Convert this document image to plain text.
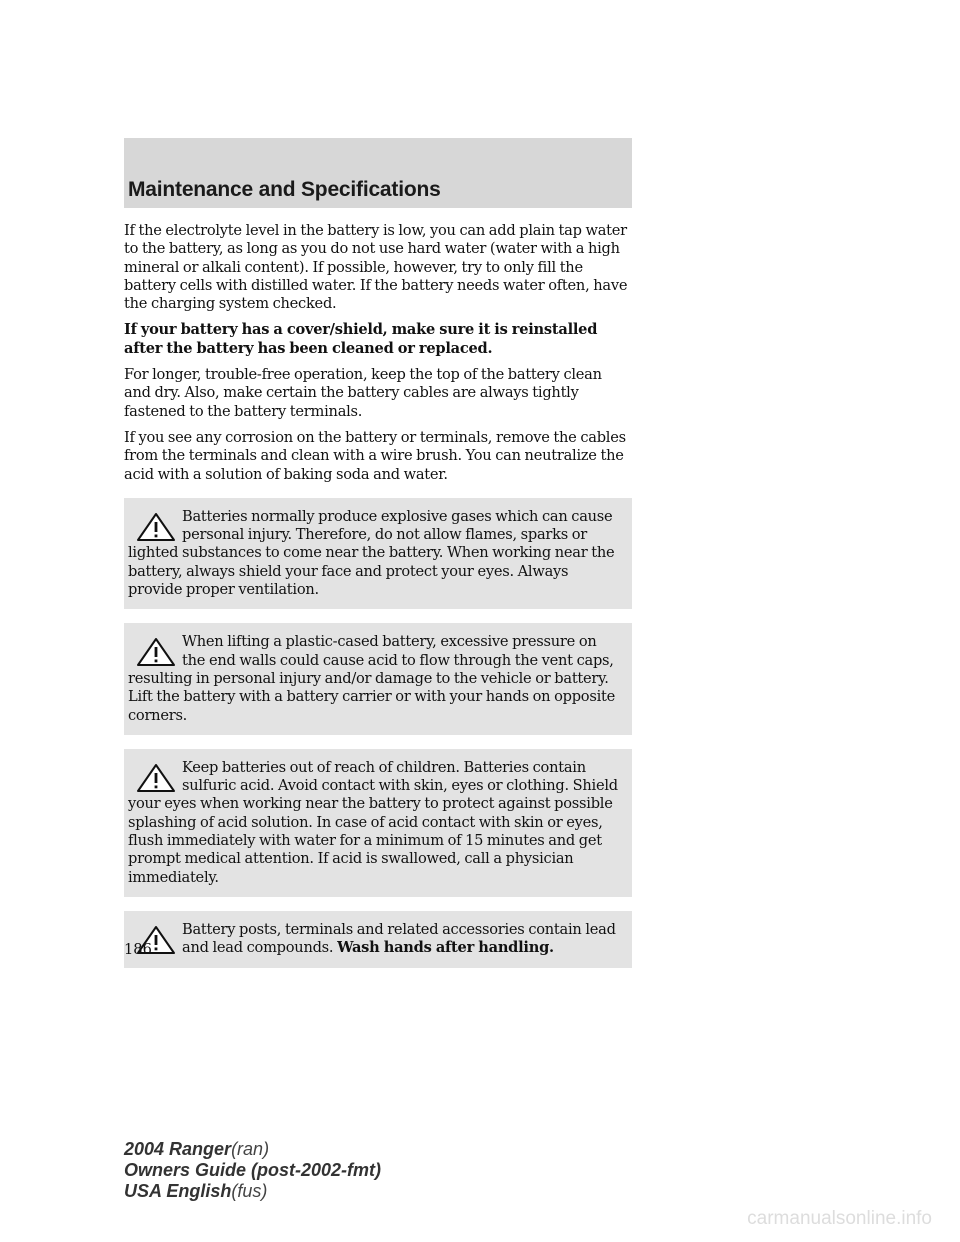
Maintenance and Specifications

If the electrolyte level in the battery is low, you can add plain tap water to the battery, as long as you do not use hard water (water with a high mineral or alkali content). If possible, however, try to only fill the battery cells with distilled water. If the battery needs water often, have the charging system checked.

If your battery has a cover/shield, make sure it is reinstalled after the battery has been cleaned or replaced.

For longer, trouble-free operation, keep the top of the battery clean and dry. Also, make certain the battery cables are always tightly fastened to the battery terminals.

If you see any corrosion on the battery or terminals, remove the cables from the terminals and clean with a wire brush. You can neutralize the acid with a solution of baking soda and water.

Batteries normally produce explosive gases which can cause personal injury. Therefore, do not allow flames, sparks or lighted substances to come near the battery. When working near the battery, always shield your face and protect your eyes. Always provide proper ventilation.
When lifting a plastic-cased battery, excessive pressure on the end walls could cause acid to flow through the vent caps, resulting in personal injury and/or damage to the vehicle or battery. Lift the battery with a battery carrier or with your hands on opposite corners.
Keep batteries out of reach of children. Batteries contain sulfuric acid. Avoid contact with skin, eyes or clothing. Shield your eyes when working near the battery to protect against possible splashing of acid solution. In case of acid contact with skin or eyes, flush immediately with water for a minimum of 15 minutes and get prompt medical attention. If acid is swallowed, call a physician immediately.
Battery posts, terminals and related accessories contain lead and lead compounds. Wash hands after handling.
186
2004 Ranger(ran)
Owners Guide (post-2002-fmt)
USA English(fus)
carmanualsonline.info
